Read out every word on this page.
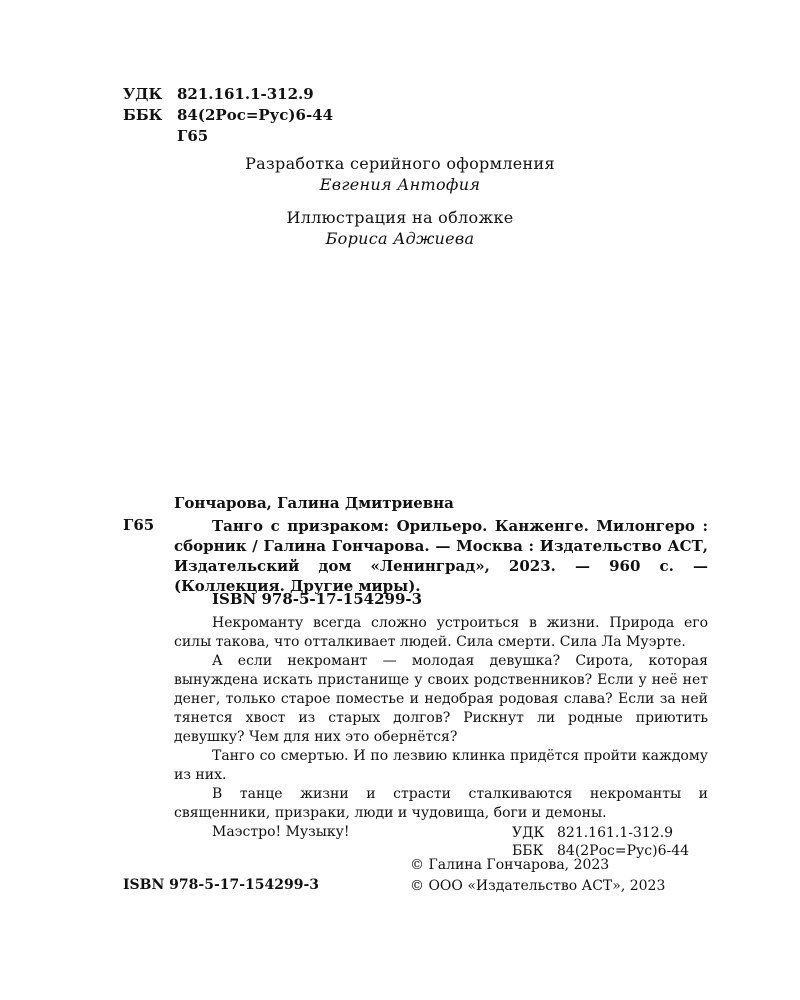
УДК 821.161.1-312.9
ББК 84(2Рос=Рус)6-44
Г65
Разработка серийного оформления
Евгения Антофия
Иллюстрация на обложке
Бориса Аджиева
Гончарова, Галина Дмитриевна
Г65	Танго с призраком: Орильеро. Канженге. Милонгеро : сборник / Галина Гончарова. — Москва : Издательство АСТ, Издательский дом «Ленинград», 2023. — 960 с. — (Коллекция. Другие миры).
ISBN 978-5-17-154299-3

Некроманту всегда сложно устроиться в жизни. Природа его силы такова, что отталкивает людей. Сила смерти. Сила Ла Муэрте.

А если некромант — молодая девушка? Сирота, которая вынуждена искать пристанище у своих родственников? Если у неё нет денег, только старое поместье и недобрая родовая слава? Если за ней тянется хвост из старых долгов? Рискнут ли родные приютить девушку? Чем для них это обернётся?

Танго со смертью. И по лезвию клинка придётся пройти каждому из них.

В танце жизни и страсти сталкиваются некроманты и священники, призраки, люди и чудовища, боги и демоны.

Маэстро! Музыку!	УДК 821.161.1-312.9
ББК 84(2Рос=Рус)6-44
ISBN 978-5-17-154299-3
© Галина Гончарова, 2023
© ООО «Издательство АСТ», 2023
